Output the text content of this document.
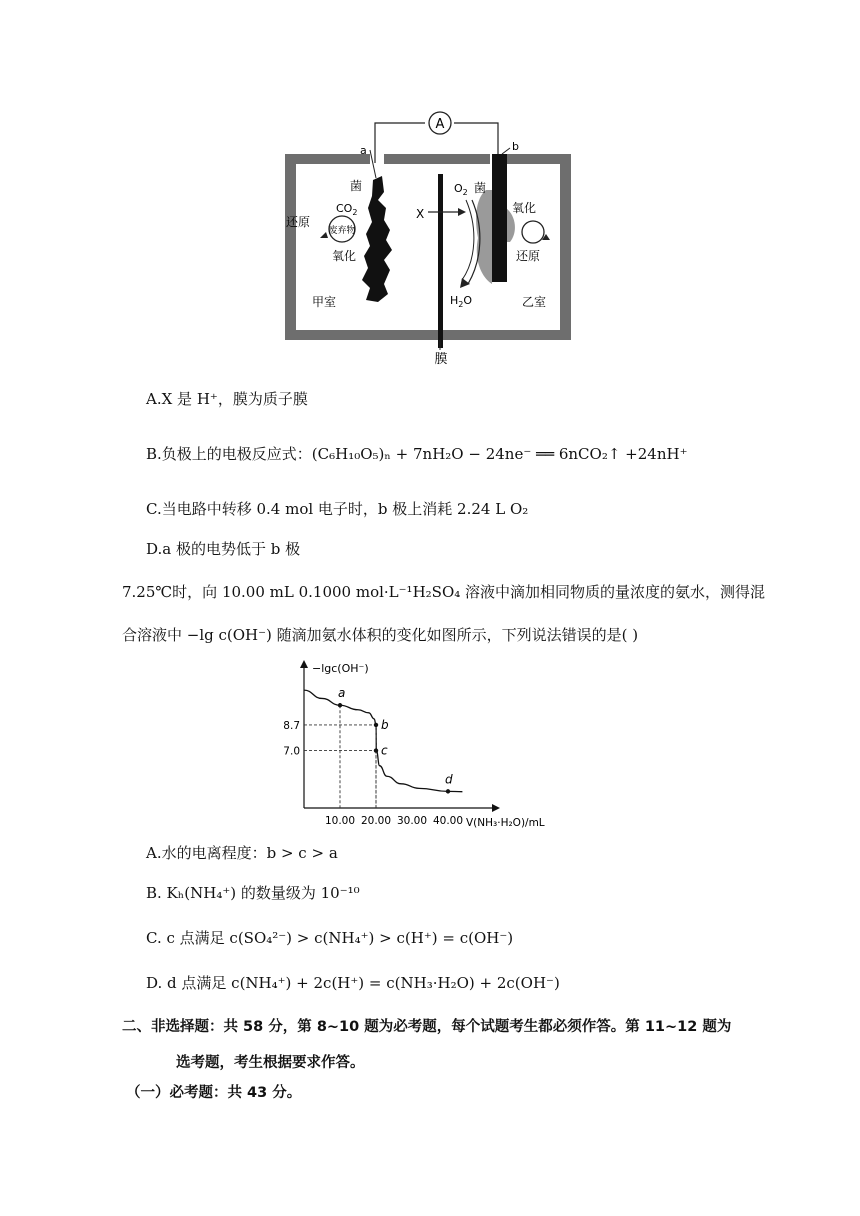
A
a	b
膜
菌
$CO_2$
废弃物
还原
氧化
甲室
X
$O_2$ 菌
$H_2O$
氧化
还原
乙室
A.X 是 H⁺，膜为质子膜
B.负极上的电极反应式：(C₆H₁₀O₅)ₙ + 7nH₂O − 24ne⁻ ══ 6nCO₂↑ +24nH⁺
C.当电路中转移 0.4 mol 电子时，b 极上消耗 2.24 L O₂
D.a 极的电势低于 b 极
7.25℃时，向 10.00 mL 0.1000 mol·L⁻¹H₂SO₄ 溶液中滴加相同物质的量浓度的氨水，测得混
合溶液中 −lg c(OH⁻) 随滴加氨水体积的变化如图所示，下列说法错误的是( )
−lgc(OH⁻)
V(NH₃·H₂O)/mL
10.00 20.00 30.00 40.00
8.7
7.0
a
b
c
d
A.水的电离程度：b > c > a
B. Kₕ(NH₄⁺) 的数量级为 10⁻¹⁰
C. c 点满足 c(SO₄²⁻) > c(NH₄⁺) > c(H⁺) = c(OH⁻)
D. d 点满足 c(NH₄⁺) + 2c(H⁺) = c(NH₃·H₂O) + 2c(OH⁻)
二、非选择题：共 58 分，第 8~10 题为必考题，每个试题考生都必须作答。第 11~12 题为
选考题，考生根据要求作答。
（一）必考题：共 43 分。
